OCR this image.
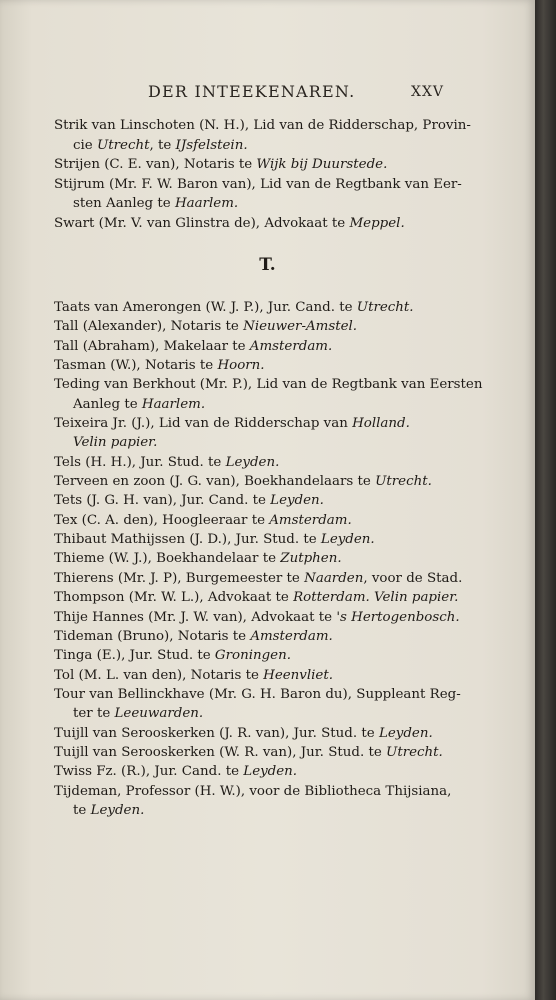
DER INTEEKENAREN.	XXV
Strik van Linschoten (N. H.), Lid van de Ridderschap, Provin-
cie Utrecht, te IJsfelstein.
Strijen (C. E. van), Notaris te Wijk bij Duurstede.
Stijrum (Mr. F. W. Baron van), Lid van de Regtbank van Eer-
sten Aanleg te Haarlem.
Swart (Mr. V. van Glinstra de), Advokaat te Meppel.
T.
Taats van Amerongen (W. J. P.), Jur. Cand. te Utrecht.
Tall (Alexander), Notaris te Nieuwer-Amstel.
Tall (Abraham), Makelaar te Amsterdam.
Tasman (W.), Notaris te Hoorn.
Teding van Berkhout (Mr. P.), Lid van de Regtbank van Eersten
Aanleg te Haarlem.
Teixeira Jr. (J.), Lid van de Ridderschap van Holland.
Velin papier.
Tels (H. H.), Jur. Stud. te Leyden.
Terveen en zoon (J. G. van), Boekhandelaars te Utrecht.
Tets (J. G. H. van), Jur. Cand. te Leyden.
Tex (C. A. den), Hoogleeraar te Amsterdam.
Thibaut Mathijssen (J. D.), Jur. Stud. te Leyden.
Thieme (W. J.), Boekhandelaar te Zutphen.
Thierens (Mr. J. P), Burgemeester te Naarden, voor de Stad.
Thompson (Mr. W. L.), Advokaat te Rotterdam. Velin papier.
Thije Hannes (Mr. J. W. van), Advokaat te 's Hertogenbosch.
Tideman (Bruno), Notaris te Amsterdam.
Tinga (E.), Jur. Stud. te Groningen.
Tol (M. L. van den), Notaris te Heenvliet.
Tour van Bellinckhave (Mr. G. H. Baron du), Suppleant Reg-
ter te Leeuwarden.
Tuijll van Serooskerken (J. R. van), Jur. Stud. te Leyden.
Tuijll van Serooskerken (W. R. van), Jur. Stud. te Utrecht.
Twiss Fz. (R.), Jur. Cand. te Leyden.
Tijdeman, Professor (H. W.), voor de Bibliotheca Thijsiana,
te Leyden.
